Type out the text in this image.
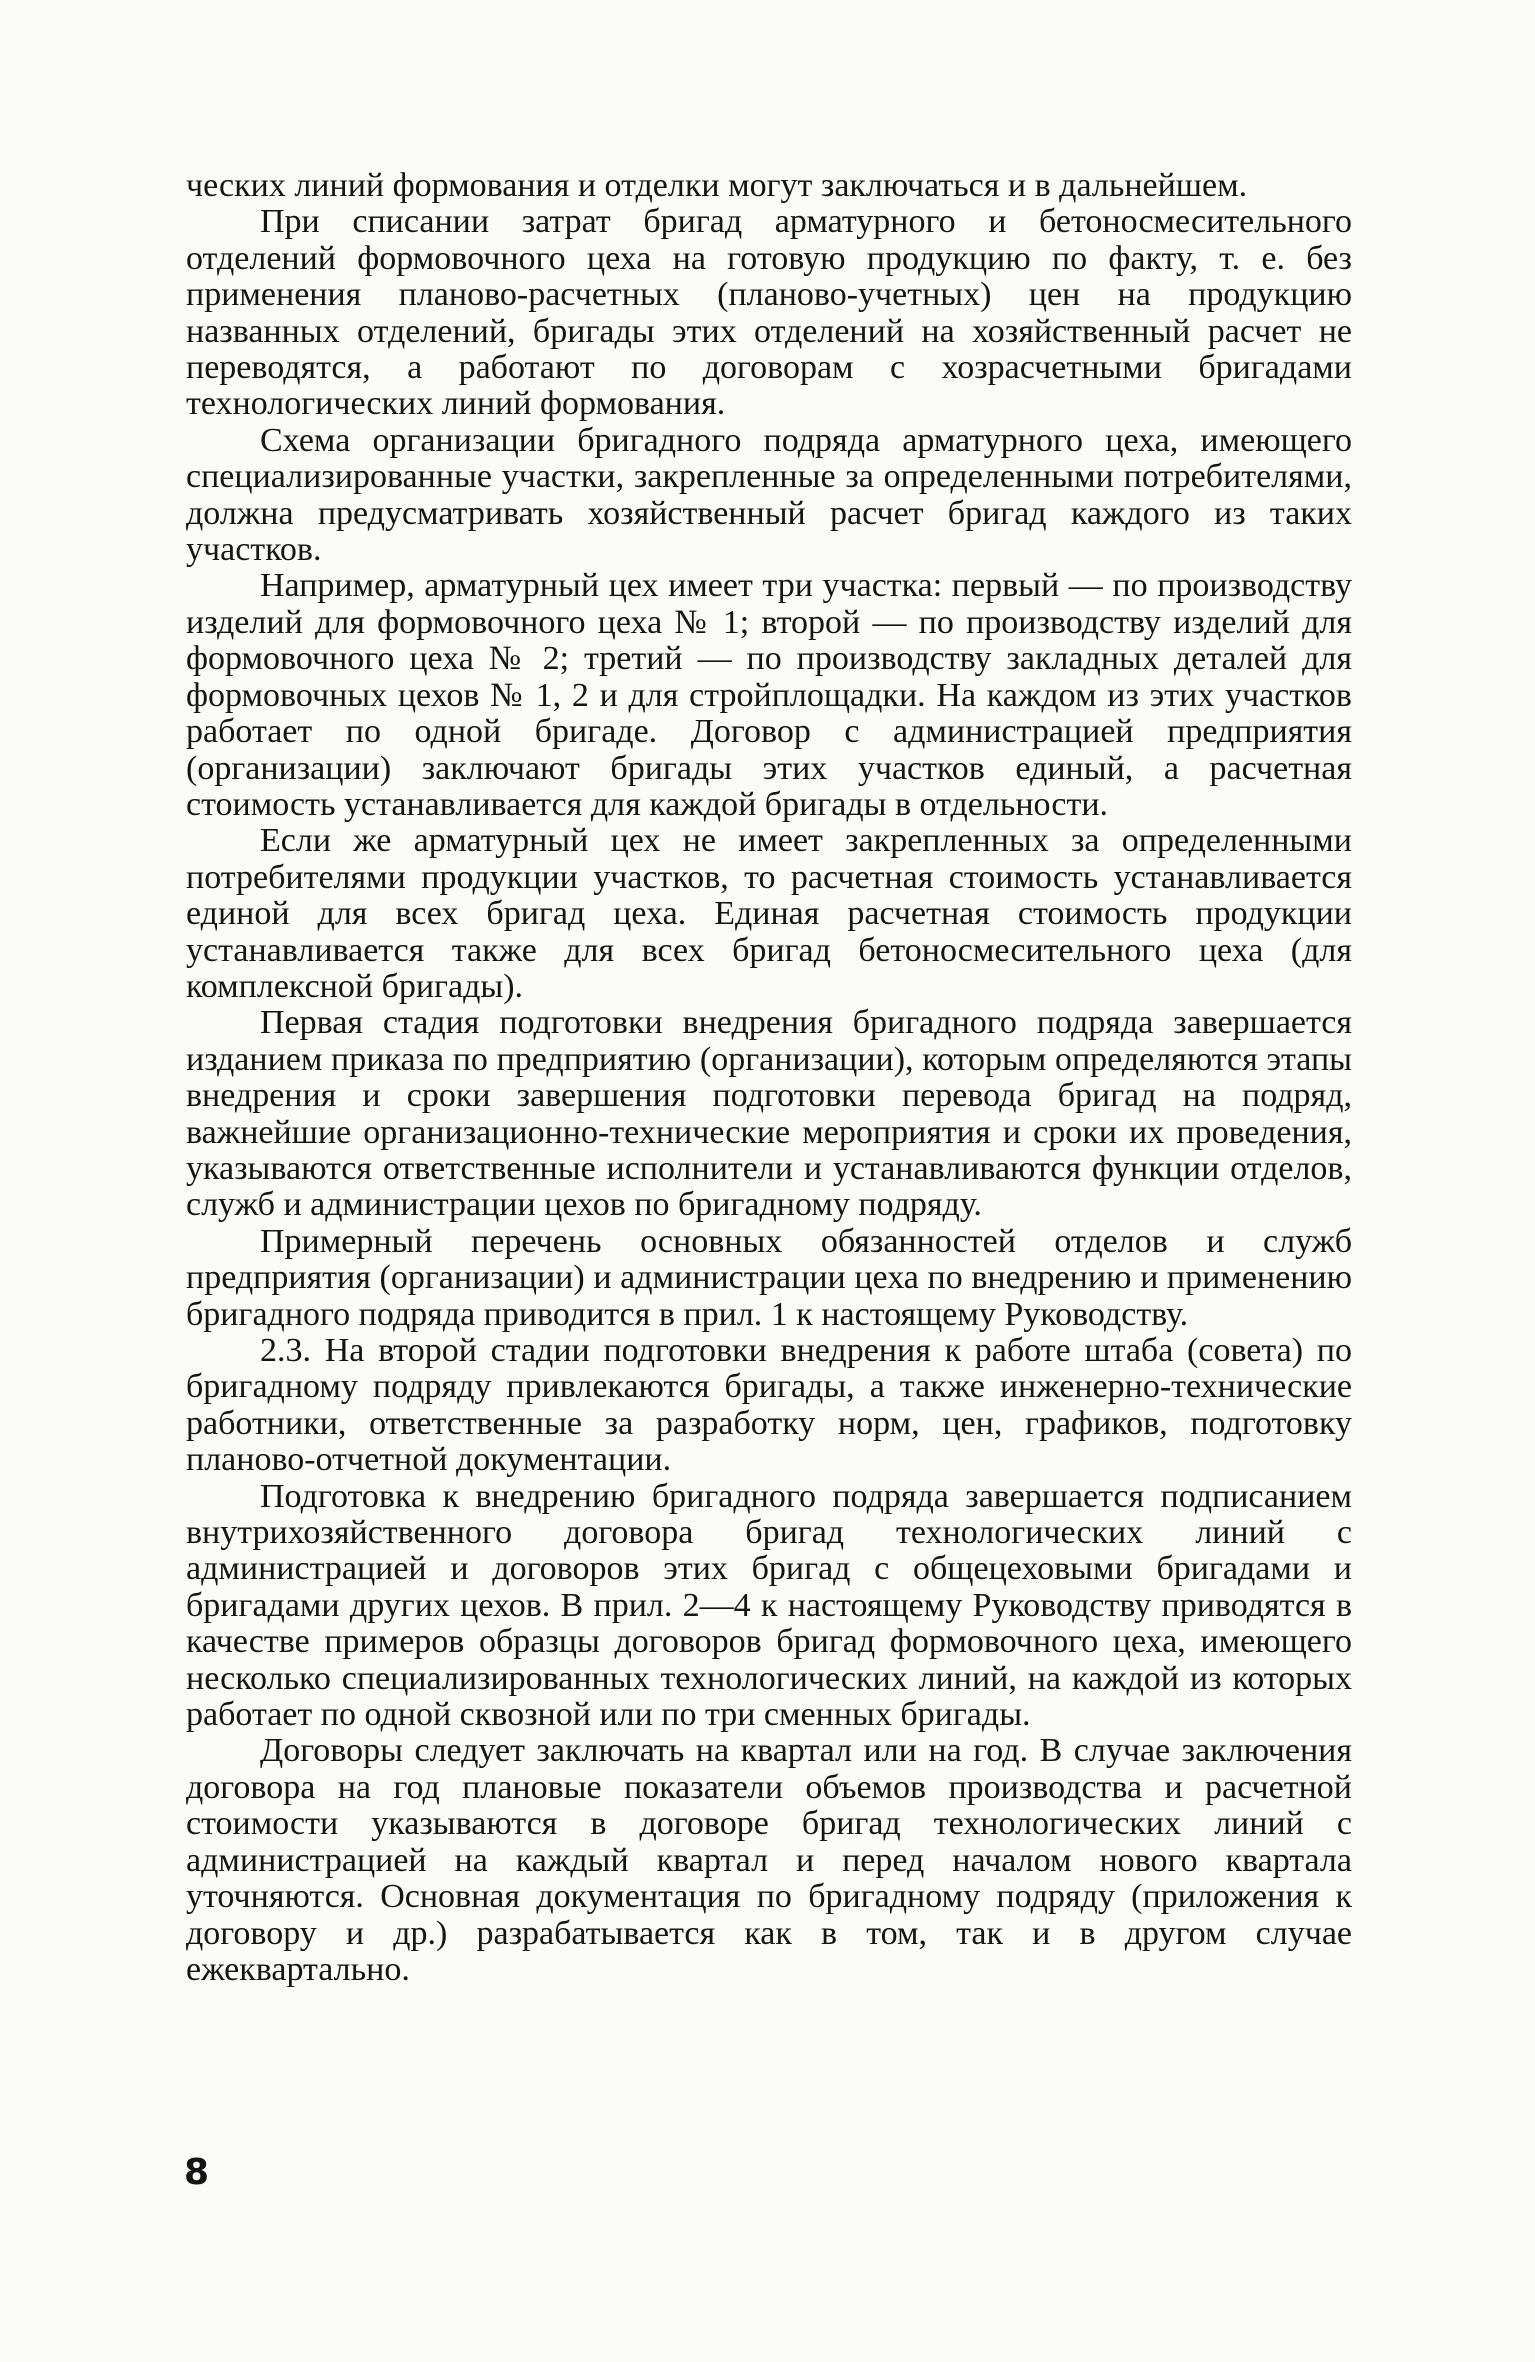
ческих линий формования и отделки могут заключаться и в дальнейшем.

При списании затрат бригад арматурного и бетоносмесительного отделений формовочного цеха на готовую продукцию по факту, т. е. без применения планово-расчетных (планово-учетных) цен на продукцию названных отделений, бригады этих отделений на хозяйственный расчет не переводятся, а работают по договорам с хозрасчетными бригадами технологических линий формования.

Схема организации бригадного подряда арматурного цеха, имеющего специализированные участки, закрепленные за определенными потребителями, должна предусматривать хозяйственный расчет бригад каждого из таких участков.

Например, арматурный цех имеет три участка: первый — по производству изделий для формовочного цеха № 1; второй — по производству изделий для формовочного цеха № 2; третий — по производству закладных деталей для формовочных цехов № 1, 2 и для стройплощадки. На каждом из этих участков работает по одной бригаде. Договор с администрацией предприятия (организации) заключают бригады этих участков единый, а расчетная стоимость устанавливается для каждой бригады в отдельности.

Если же арматурный цех не имеет закрепленных за определенными потребителями продукции участков, то расчетная стоимость устанавливается единой для всех бригад цеха. Единая расчетная стоимость продукции устанавливается также для всех бригад бетоносмесительного цеха (для комплексной бригады).

Первая стадия подготовки внедрения бригадного подряда завершается изданием приказа по предприятию (организации), которым определяются этапы внедрения и сроки завершения подготовки перевода бригад на подряд, важнейшие организационно-технические мероприятия и сроки их проведения, указываются ответственные исполнители и устанавливаются функции отделов, служб и администрации цехов по бригадному подряду.

Примерный перечень основных обязанностей отделов и служб предприятия (организации) и администрации цеха по внедрению и применению бригадного подряда приводится в прил. 1 к настоящему Руководству.

2.3. На второй стадии подготовки внедрения к работе штаба (совета) по бригадному подряду привлекаются бригады, а также инженерно-технические работники, ответственные за разработку норм, цен, графиков, подготовку планово-отчетной документации.

Подготовка к внедрению бригадного подряда завершается подписанием внутрихозяйственного договора бригад технологических линий с администрацией и договоров этих бригад с общецеховыми бригадами и бригадами других цехов. В прил. 2—4 к настоящему Руководству приводятся в качестве примеров образцы договоров бригад формовочного цеха, имеющего несколько специализированных технологических линий, на каждой из которых работает по одной сквозной или по три сменных бригады.

Договоры следует заключать на квартал или на год. В случае заключения договора на год плановые показатели объемов производства и расчетной стоимости указываются в договоре бригад технологических линий с администрацией на каждый квартал и перед началом нового квартала уточняются. Основная документация по бригадному подряду (приложения к договору и др.) разрабатывается как в том, так и в другом случае ежеквартально.

8
